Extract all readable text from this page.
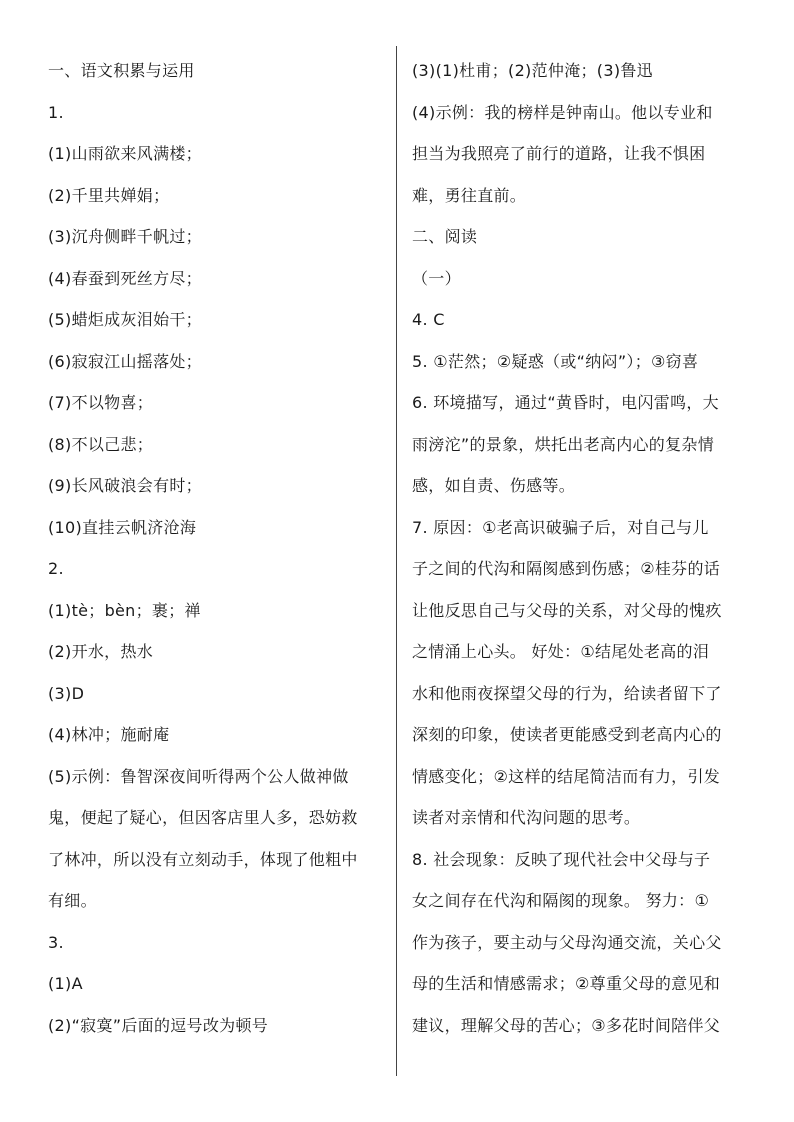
一、语文积累与运用
1.
(1)山雨欲来风满楼；
(2)千里共婵娟；
(3)沉舟侧畔千帆过；
(4)春蚕到死丝方尽；
(5)蜡炬成灰泪始干；
(6)寂寂江山摇落处；
(7)不以物喜；
(8)不以己悲；
(9)长风破浪会有时；
(10)直挂云帆济沧海
2.
(1)tè；bèn；裹；禅
(2)开水，热水
(3)D
(4)林冲；施耐庵
(5)示例：鲁智深夜间听得两个公人做神做
鬼，便起了疑心，但因客店里人多，恐妨救
了林冲，所以没有立刻动手，体现了他粗中
有细。
3.
(1)A
(2)“寂寞”后面的逗号改为顿号
(3)(1)杜甫；(2)范仲淹；(3)鲁迅
(4)示例：我的榜样是钟南山。他以专业和
担当为我照亮了前行的道路，让我不惧困
难，勇往直前。
二、阅读
（一）
4. C
5. ①茫然；②疑惑（或“纳闷”）；③窃喜
6. 环境描写，通过“黄昏时，电闪雷鸣，大
雨滂沱”的景象，烘托出老高内心的复杂情
感，如自责、伤感等。
7. 原因：①老高识破骗子后，对自己与儿
子之间的代沟和隔阂感到伤感；②桂芬的话
让他反思自己与父母的关系，对父母的愧疚
之情涌上心头。 好处：①结尾处老高的泪
水和他雨夜探望父母的行为，给读者留下了
深刻的印象，使读者更能感受到老高内心的
情感变化；②这样的结尾简洁而有力，引发
读者对亲情和代沟问题的思考。
8. 社会现象：反映了现代社会中父母与子
女之间存在代沟和隔阂的现象。 努力：①
作为孩子，要主动与父母沟通交流，关心父
母的生活和情感需求；②尊重父母的意见和
建议，理解父母的苦心；③多花时间陪伴父
